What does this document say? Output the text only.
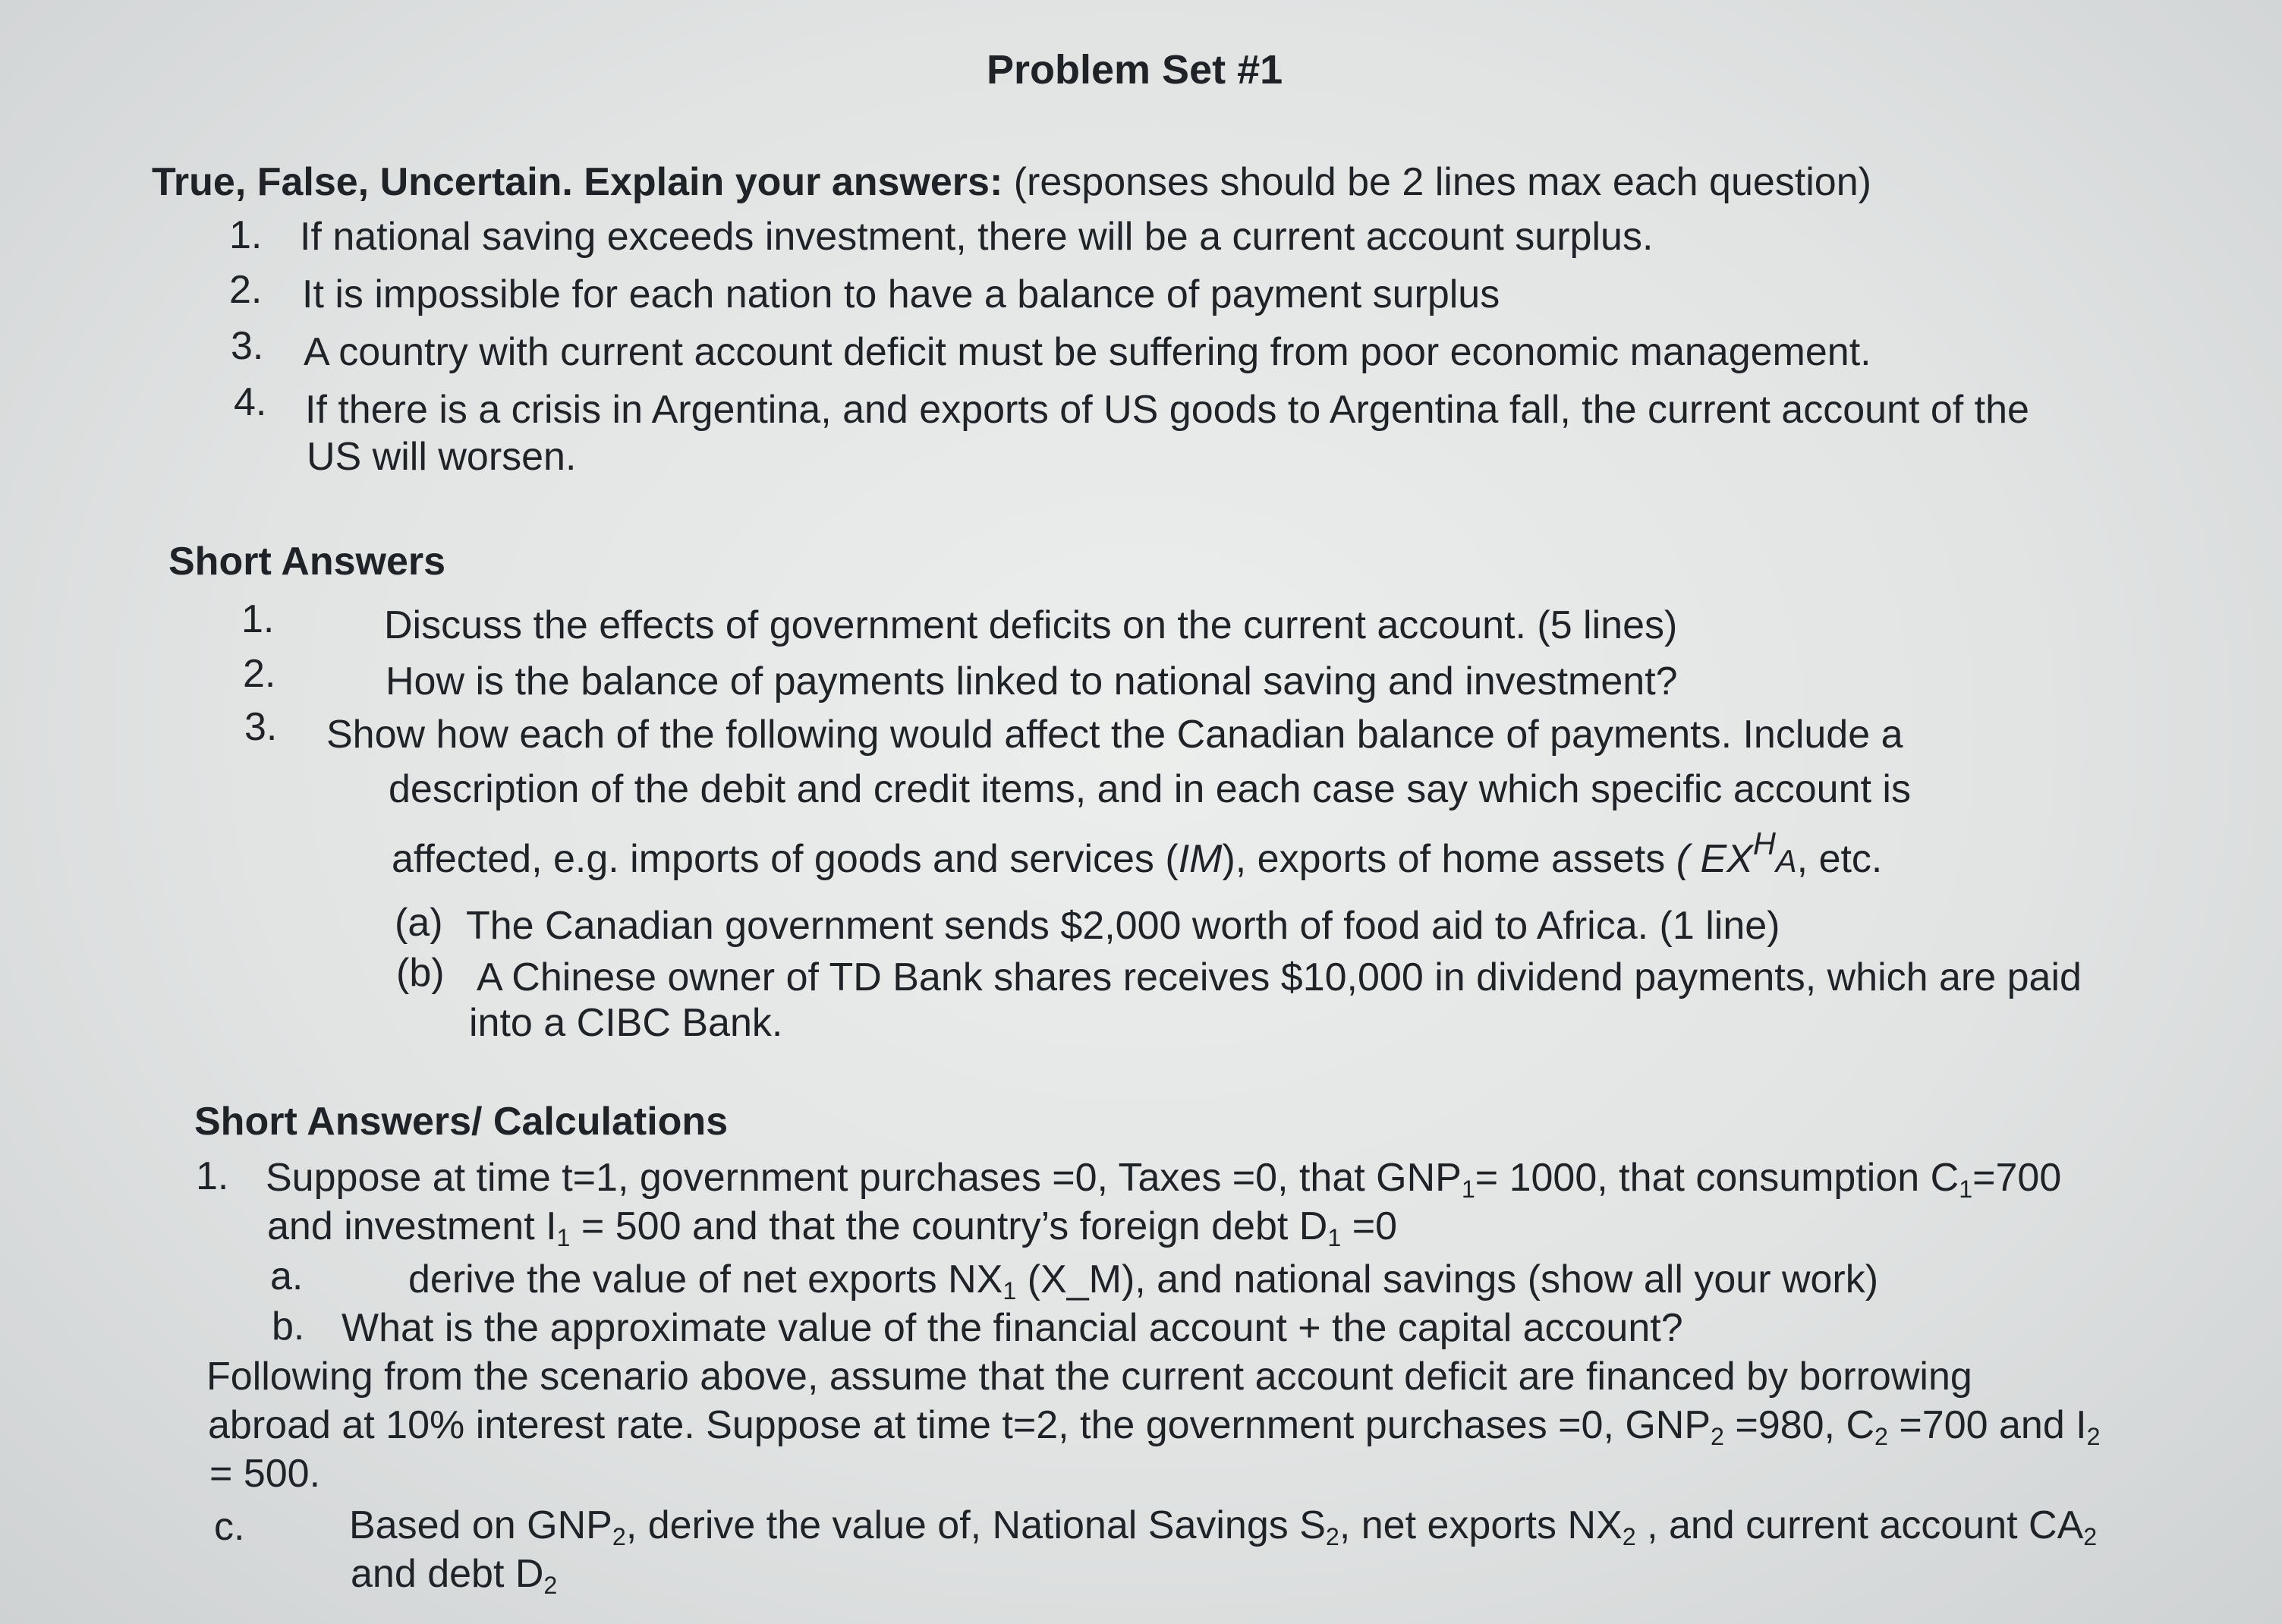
Problem Set #1
True, False, Uncertain. Explain your answers: (responses should be 2 lines max each question)
1. If national saving exceeds investment, there will be a current account surplus.
2. It is impossible for each nation to have a balance of payment surplus
3. A country with current account deficit must be suffering from poor economic management.
4. If there is a crisis in Argentina, and exports of US goods to Argentina fall, the current account of the
US will worsen.
Short Answers
1.	Discuss the effects of government deficits on the current account. (5 lines)
2.	How is the balance of payments linked to national saving and investment?
3. Show how each of the following would affect the Canadian balance of payments. Include a
description of the debit and credit items, and in each case say which specific account is
affected, e.g. imports of goods and services (IM), exports of home assets ( $EX^HA$, etc.
(a) The Canadian government sends $2,000 worth of food aid to Africa. (1 line)
(b) A Chinese owner of TD Bank shares receives $10,000 in dividend payments, which are paid
into a CIBC Bank.
Short Answers/ Calculations
1. Suppose at time t=1, government purchases =0, Taxes =0, that $GNP_1= 1000$, that consumption $C_1=700$
and investment $I_1 = 500$ and that the country’s foreign debt $D_1 =0$
a.	derive the value of net exports $NX_1$ (X_M), and national savings (show all your work)
b. What is the approximate value of the financial account + the capital account?
Following from the scenario above, assume that the current account deficit are financed by borrowing
abroad at 10% interest rate. Suppose at time t=2, the government purchases =0, $GNP_2 =980$, $C_2 =700$ and $I_2$
= 500.
c.	Based on $GNP_2$, derive the value of, National Savings $S_2$, net exports $NX_2$ , and current account $CA_2$
and debt $D_2$
